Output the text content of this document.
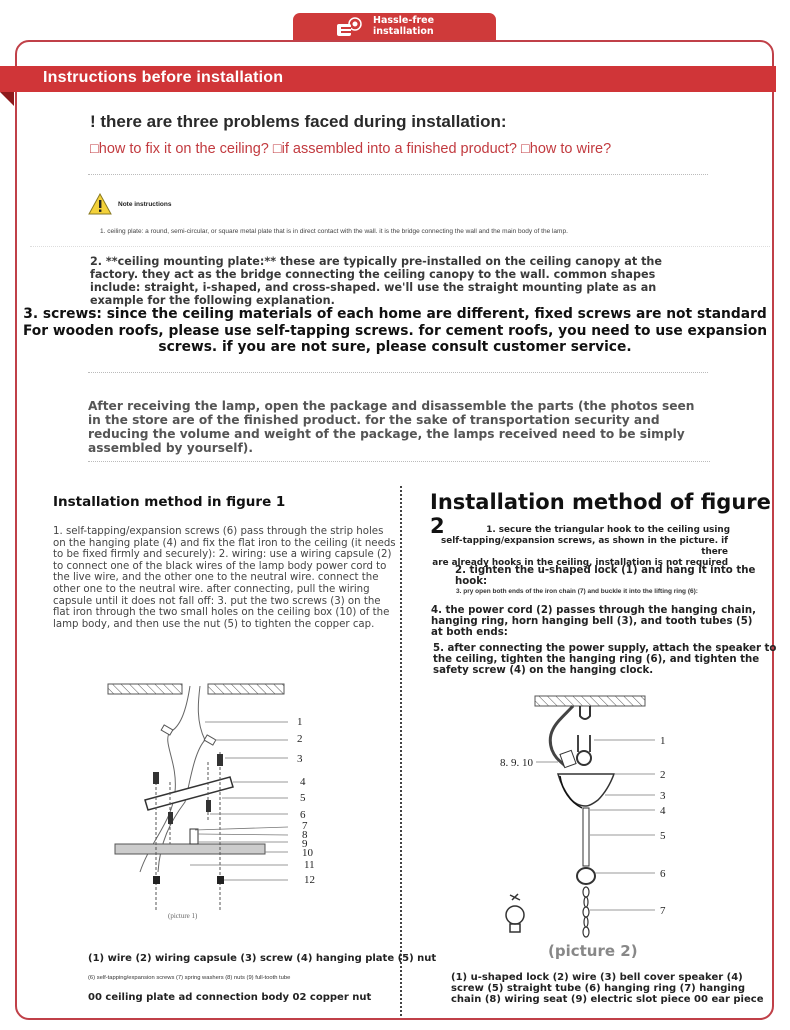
Hassle-free
installation
Instructions before installation
! there are three problems faced during installation:
□how to fix it on the ceiling? □if assembled into a finished product? □how to wire?
Note instructions
1. ceiling plate: a round, semi-circular, or square metal plate that is in direct contact with the wall. it is the bridge connecting the wall and the main body of the lamp.
2. **ceiling mounting plate:** these are typically pre-installed on the ceiling canopy at the factory. they act as the bridge connecting the ceiling canopy to the wall. common shapes include: straight, i-shaped, and cross-shaped. we'll use the straight mounting plate as an example for the following explanation.
3. screws: since the ceiling materials of each home are different, fixed screws are not standard For wooden roofs, please use self-tapping screws. for cement roofs, you need to use expansion screws. if you are not sure, please consult customer service.
After receiving the lamp, open the package and disassemble the parts (the photos seen in the store are of the finished product. for the sake of transportation security and reducing the volume and weight of the package, the lamps received need to be simply assembled by yourself).
Installation method in figure 1
1. self-tapping/expansion screws (6) pass through the strip holes on the hanging plate (4) and fix the flat iron to the ceiling (it needs to be fixed firmly and securely): 2. wiring: use a wiring capsule (2) to connect one of the black wires of the lamp body power cord to the live wire, and the other one to the neutral wire. connect the other one to the neutral wire. after connecting, pull the wiring capsule until it does not fall off: 3. put the two screws (3) on the flat iron through the two small holes on the ceiling box (10) of the lamp body, and then use the nut (5) to tighten the copper cap.
1
2
3
4
5
6
7
8
9
10
11
12
(picture 1)
(1) wire (2) wiring capsule (3) screw (4) hanging plate (5) nut
(6) self-tapping/expansion screws (7) spring washers (8) nuts (9) full-tooth tube
00 ceiling plate ad connection body 02 copper nut
Installation method of figure 2	1. secure the triangular hook to the ceiling using
self-tapping/expansion screws, as shown in the picture. if there
are already hooks in the ceiling, installation is not required
2. tighten the u-shaped lock (1) and hang it into the hook:
3. pry open both ends of the iron chain (7) and buckle it into the lifting ring (6):
4. the power cord (2) passes through the hanging chain, hanging ring, horn hanging bell (3), and tooth tubes (5) at both ends:
5. after connecting the power supply, attach the speaker to the ceiling, tighten the hanging ring (6), and tighten the safety screw (4) on the hanging clock.
1
2
3
4
5
6
7
8. 9. 10
(picture 2)
(1) u-shaped lock (2) wire (3) bell cover speaker (4) screw (5) straight tube (6) hanging ring (7) hanging chain (8) wiring seat (9) electric slot piece 00 ear piece
